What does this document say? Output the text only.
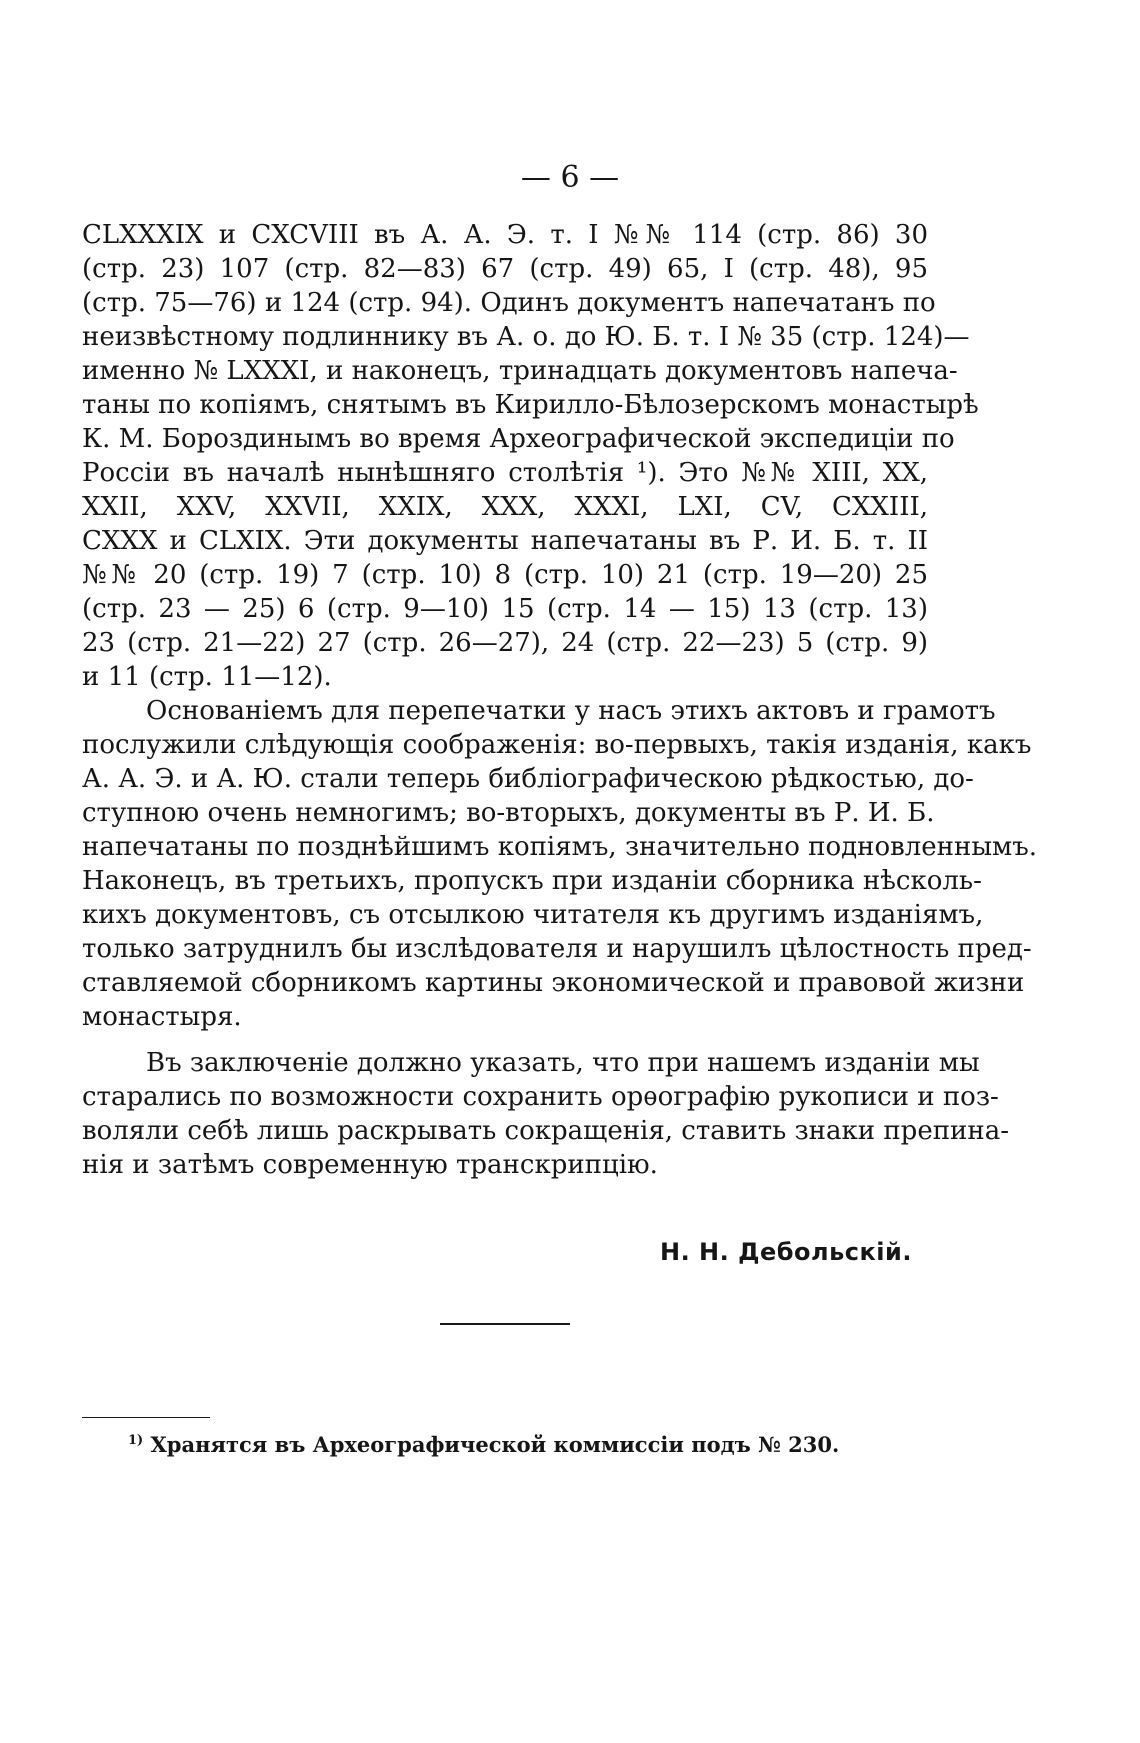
— 6 —

CLXXXIX и CXCVIII въ А. А. Э. т. I №№ 114 (стр. 86) 30

(стр. 23) 107 (стр. 82—83) 67 (стр. 49) 65, I (стр. 48), 95

(стр. 75—76) и 124 (стр. 94). Одинъ документъ напечатанъ по

неизвѣстному подлиннику въ А. о. до Ю. Б. т. I № 35 (стр. 124)—

именно № LXXXI, и наконецъ, тринадцать документовъ напеча-

таны по копiямъ, снятымъ въ Кирилло-Бѣлозерскомъ монастырѣ

К. М. Бороздинымъ во время Археографической экспедицiи по

Россiи въ началѣ нынѣшняго столѣтiя ¹). Это №№ XIII, XX,

XXII, XXV, XXVII, XXIX, XXX, XXXI, LXI, CV, CXXIII,

CXXX и CLXIX. Эти документы напечатаны въ Р. И. Б. т. II

№№ 20 (стр. 19) 7 (стр. 10) 8 (стр. 10) 21 (стр. 19—20) 25

(стр. 23 — 25) 6 (стр. 9—10) 15 (стр. 14 — 15) 13 (стр. 13)

23 (стр. 21—22) 27 (стр. 26—27), 24 (стр. 22—23) 5 (стр. 9)

и 11 (стр. 11—12).

Основанiемъ для перепечатки у насъ этихъ актовъ и грамотъ

послужили слѣдующiя соображенiя: во-первыхъ, такiя изданiя, какъ

А. А. Э. и А. Ю. стали теперь библiографическою рѣдкостью, до-

ступною очень немногимъ; во-вторыхъ, документы въ Р. И. Б.

напечатаны по позднѣйшимъ копiямъ, значительно подновленнымъ.

Наконецъ, въ третьихъ, пропускъ при изданiи сборника нѣсколь-

кихъ документовъ, съ отсылкою читателя къ другимъ изданiямъ,

только затруднилъ бы изслѣдователя и нарушилъ цѣлостность пред-

ставляемой сборникомъ картины экономической и правовой жизни

монастыря.

Въ заключенiе должно указать, что при нашемъ изданiи мы

старались по возможности сохранить орѳографiю рукописи и поз-

воляли себѣ лишь раскрывать сокращенiя, ставить знаки препина-

нiя и затѣмъ современную транскрипцiю.

Н. Н. Дебольскiй.

$^{1)}$ Хранятся въ Археографической коммиссiи подъ № 230.
